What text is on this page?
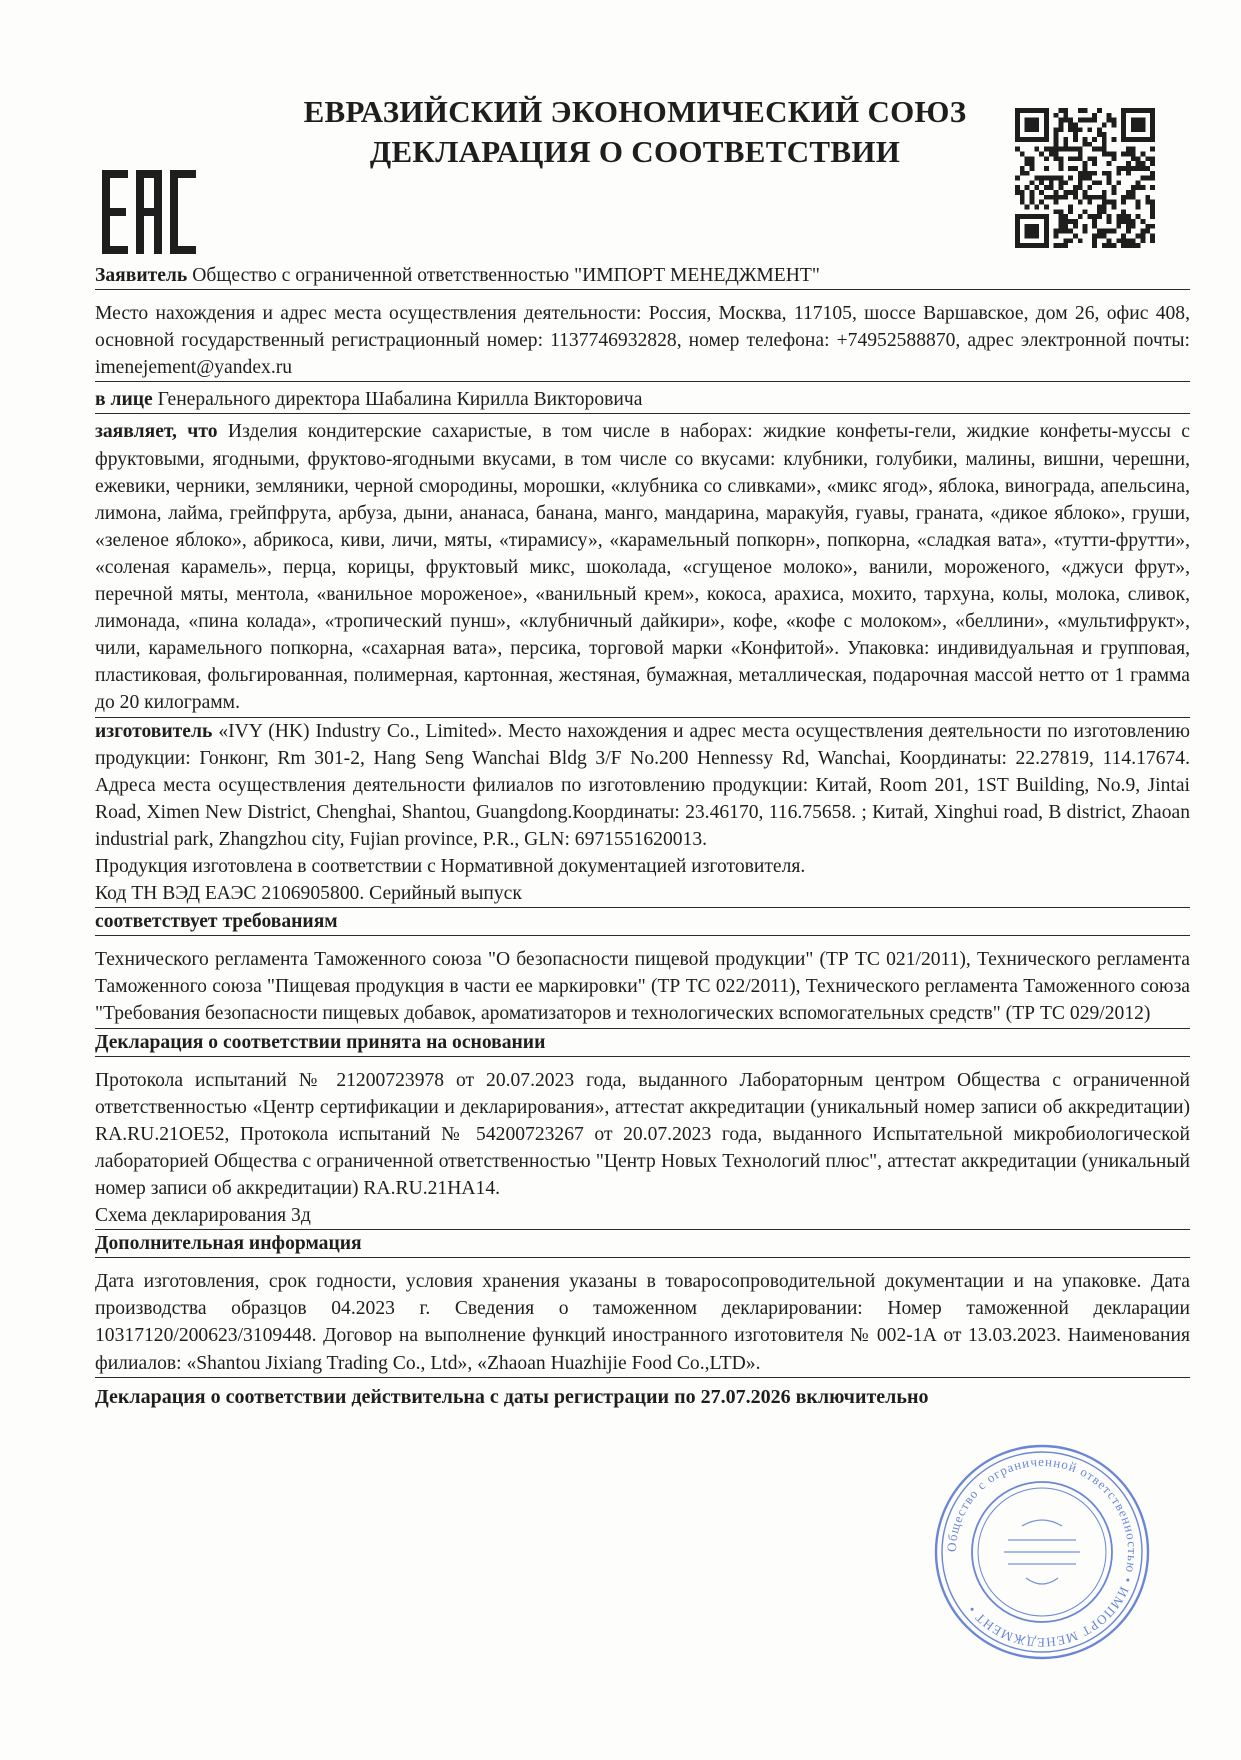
ЕВРАЗИЙСКИЙ ЭКОНОМИЧЕСКИЙ СОЮЗ
ДЕКЛАРАЦИЯ О СООТВЕТСТВИИ
Заявитель Общество с ограниченной ответственностью "ИМПОРТ МЕНЕДЖМЕНТ"
Место нахождения и адрес места осуществления деятельности: Россия, Москва, 117105, шоссе Варшавское, дом 26, офис 408, основной государственный регистрационный номер: 1137746932828, номер телефона: +74952588870, адрес электронной почты: imenejement@yandex.ru
в лице Генерального директора Шабалина Кирилла Викторовича
заявляет, что Изделия кондитерские сахаристые, в том числе в наборах: жидкие конфеты-гели, жидкие конфеты-муссы с фруктовыми, ягодными, фруктово-ягодными вкусами, в том числе со вкусами: клубники, голубики, малины, вишни, черешни, ежевики, черники, земляники, черной смородины, морошки, «клубника со сливками», «микс ягод», яблока, винограда, апельсина, лимона, лайма, грейпфрута, арбуза, дыни, ананаса, банана, манго, мандарина, маракуйя, гуавы, граната, «дикое яблоко», груши, «зеленое яблоко», абрикоса, киви, личи, мяты, «тирамису», «карамельный попкорн», попкорна, «сладкая вата», «тутти-фрутти», «соленая карамель», перца, корицы, фруктовый микс, шоколада, «сгущеное молоко», ванили, мороженого, «джуси фрут», перечной мяты, ментола, «ванильное мороженое», «ванильный крем», кокоса, арахиса, мохито, тархуна, колы, молока, сливок, лимонада, «пина колада», «тропический пунш», «клубничный дайкири», кофе, «кофе с молоком», «беллини», «мультифрукт», чили, карамельного попкорна, «сахарная вата», персика, торговой марки «Конфитой». Упаковка: индивидуальная и групповая, пластиковая, фольгированная, полимерная, картонная, жестяная, бумажная, металлическая, подарочная массой нетто от 1 грамма до 20 килограмм.
изготовитель «IVY (HK) Industry Co., Limited». Место нахождения и адрес места осуществления деятельности по изготовлению продукции: Гонконг, Rm 301-2, Hang Seng Wanchai Bldg 3/F No.200 Hennessy Rd, Wanchai, Координаты: 22.27819, 114.17674. Адреса места осуществления деятельности филиалов по изготовлению продукции: Китай, Room 201, 1ST Building, No.9, Jintai Road, Ximen New District, Chenghai, Shantou, Guangdong.Координаты: 23.46170, 116.75658. ; Китай, Xinghui road, B district, Zhaoan industrial park, Zhangzhou city, Fujian province, P.R., GLN: 6971551620013.
Продукция изготовлена в соответствии с Нормативной документацией изготовителя.
Код ТН ВЭД ЕАЭС 2106905800. Серийный выпуск
соответствует требованиям
Технического регламента Таможенного союза "О безопасности пищевой продукции" (ТР ТС 021/2011), Технического регламента Таможенного союза "Пищевая продукция в части ее маркировки" (ТР ТС 022/2011), Технического регламента Таможенного союза "Требования безопасности пищевых добавок, ароматизаторов и технологических вспомогательных средств" (ТР ТС 029/2012)
Декларация о соответствии принята на основании
Протокола испытаний № 21200723978 от 20.07.2023 года, выданного Лабораторным центром Общества с ограниченной ответственностью «Центр сертификации и декларирования», аттестат аккредитации (уникальный номер записи об аккредитации) RA.RU.21ОЕ52, Протокола испытаний № 54200723267 от 20.07.2023 года, выданного Испытательной микробиологической лабораторией Общества с ограниченной ответственностью "Центр Новых Технологий плюс", аттестат аккредитации (уникальный номер записи об аккредитации) RA.RU.21НА14.
Схема декларирования 3д
Дополнительная информация
Дата изготовления, срок годности, условия хранения указаны в товаросопроводительной документации и на упаковке. Дата производства образцов 04.2023 г. Сведения о таможенном декларировании: Номер таможенной декларации 10317120/200623/3109448. Договор на выполнение функций иностранного изготовителя № 002-1А от 13.03.2023. Наименования филиалов: «Shantou Jixiang Trading Co., Ltd», «Zhaoan Huazhijie Food Co.,LTD».
Декларация о соответствии действительна с даты регистрации по 27.07.2026 включительно
Общество с ограниченной ответственностью • ИМПОРТ МЕНЕДЖМЕНТ •
